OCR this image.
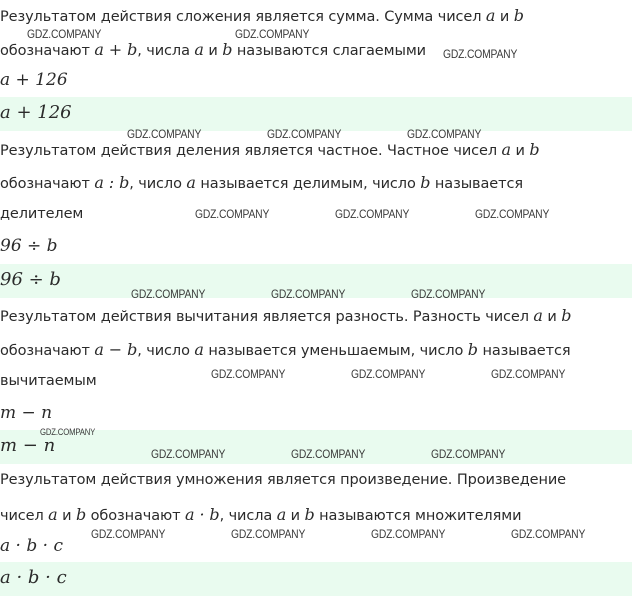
Результатом действия сложения является сумма. Сумма чисел a и b
обозначают a + b, числа a и b называются слагаемыми
a + 126
a + 126
Результатом действия деления является частное. Частное чисел a и b
обозначают a : b, число a называется делимым, число b называется
делителем
96 ÷ b
96 ÷ b
Результатом действия вычитания является разность. Разность чисел a и b
обозначают a − b, число a называется уменьшаемым, число b называется
вычитаемым
m − n
m − n
Результатом действия умножения является произведение. Произведение
чисел a и b обозначают a · b, числа a и b называются множителями
a · b · c
a · b · c
GDZ.COMPANY	GDZ.COMPANY
GDZ.COMPANY
GDZ.COMPANY	GDZ.COMPANY	GDZ.COMPANY
GDZ.COMPANY	GDZ.COMPANY	GDZ.COMPANY
GDZ.COMPANY	GDZ.COMPANY	GDZ.COMPANY
GDZ.COMPANY	GDZ.COMPANY	GDZ.COMPANY
GDZ.COMPANY
GDZ.COMPANY	GDZ.COMPANY	GDZ.COMPANY
GDZ.COMPANY	GDZ.COMPANY	GDZ.COMPANY	GDZ.COMPANY
